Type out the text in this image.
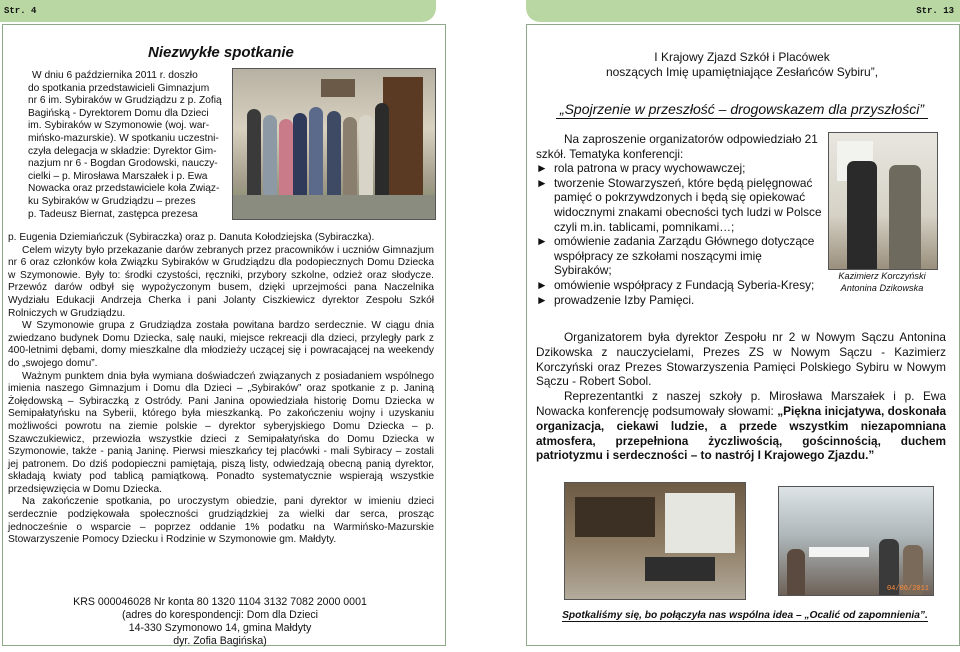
Str. 4	Str. 13
Niezwykłe spotkanie
W dniu 6 października 2011 r. doszło
do spotkania przedstawicieli Gimnazjum
nr 6 im. Sybiraków w Grudziądzu z p. Zofią
Bagińską - Dyrektorem Domu dla Dzieci
im. Sybiraków w Szymonowie (woj. war-
mińsko-mazurskie). W spotkaniu uczestni-
czyła delegacja w składzie: Dyrektor Gim-
nazjum nr 6 - Bogdan Grodowski, nauczy-
cielki – p. Mirosława Marszałek i p. Ewa
Nowacka oraz przedstawiciele koła Związ-
ku Sybiraków w Grudziądzu – prezes
p. Tadeusz Biernat, zastępca prezesa

p. Eugenia Dziemiańczuk (Sybiraczka) oraz p. Danuta Kołodziejska (Sybiraczka).

Celem wizyty było przekazanie darów zebranych przez pracowników i uczniów Gimnazjum nr 6 oraz członków koła Związku Sybiraków w Grudziądzu dla podopiecznych Domu Dziecka w Szymonowie. Były to: środki czystości, ręczniki, przybory szkolne, odzież oraz słodycze. Przewóz darów odbył się wypożyczonym busem, dzięki uprzejmości pana Naczelnika Wydziału Edukacji Andrzeja Cherka i pani Jolanty Ciszkiewicz dyrektor Zespołu Szkół Rolniczych w Grudziądzu.

W Szymonowie grupa z Grudziądza została powitana bardzo serdecznie. W ciągu dnia zwiedzano budynek Domu Dziecka, salę nauki, miejsce rekreacji dla dzieci, przyległy park z 400-letnimi dębami, domy mieszkalne dla młodzieży uczącej się i powracającej na weekendy do „swojego domu”.

Ważnym punktem dnia była wymiana doświadczeń związanych z posiadaniem wspólnego imienia naszego Gimnazjum i Domu dla Dzieci – „Sybiraków” oraz spotkanie z p. Janiną Żołędowską – Sybiraczką z Ostródy. Pani Janina opowiedziała historię Domu Dziecka w Semipałatyńsku na Syberii, którego była mieszkanką. Po zakończeniu wojny i uzyskaniu możliwości powrotu na ziemie polskie – dyrektor syberyjskiego Domu Dziecka – p. Szawczukiewicz, przewiozła wszystkie dzieci z Semipałatyńska do Domu Dziecka w Szymonowie, także - panią Janinę. Pierwsi mieszkańcy tej placówki - mali Sybiracy – zostali jej patronem. Do dziś podopieczni pamiętają, piszą listy, odwiedzają obecną panią dyrektor, składają kwiaty pod tablicą pamiątkową. Ponadto systematycznie wspierają wszystkie przedsięwzięcia w Domu Dziecka.

Na zakończenie spotkania, po uroczystym obiedzie, pani dyrektor w imieniu dzieci serdecznie podziękowała społeczności grudziądzkiej za wielki dar serca, prosząc jednocześnie o wsparcie – poprzez oddanie 1% podatku na Warmińsko-Mazurskie Stowarzyszenie Pomocy Dziecku i Rodzinie w Szymonowie gm. Małdyty.

KRS 000046028 Nr konta 80 1320 1104 3132 7082 2000 0001
(adres do korespondencji: Dom dla Dzieci
14-330 Szymonowo 14, gmina Małdyty
dyr. Zofia Bagińska)
I Krajowy Zjazd Szkół i Placówek
noszących Imię upamiętniające Zesłańców Sybiru”,
„Spojrzenie w przeszłość – drogowskazem dla przyszłości”
Na zaproszenie organizatorów odpowiedziało 21 szkół. Tematyka konferencji:
► rola patrona w pracy wychowawczej;
► tworzenie Stowarzyszeń, które będą pielęgnować pamięć o pokrzywdzonych i będą się opiekować widocznymi znakami obecności tych ludzi w Polsce czyli m.in. tablicami, pomnikami…;
► omówienie zadania Zarządu Głównego dotyczące współpracy ze szkołami noszącymi imię Sybiraków;
► omówienie współpracy z Fundacją Syberia-Kresy;
► prowadzenie Izby Pamięci.
Kazimierz Korczyński
Antonina Dzikowska

Organizatorem była dyrektor Zespołu nr 2 w Nowym Sączu Antonina Dzikowska z nauczycielami, Prezes ZS w Nowym Sączu - Kazimierz Korczyński oraz Prezes Stowarzyszenia Pamięci Polskiego Sybiru w Nowym Sączu - Robert Sobol.

Reprezentantki z naszej szkoły p. Mirosława Marszałek i p. Ewa Nowacka konferencję podsumowały słowami: „Piękna inicjatywa, doskonała organizacja, ciekawi ludzie, a przede wszystkim niezapomniana atmosfera, przepełniona życzliwością, gościnnością, duchem patriotyzmu i serdeczności – to nastrój I Krajowego Zjazdu.”

04/06/2011
Spotkaliśmy się, bo połączyła nas wspólna idea – „Ocalić od zapomnienia”.
